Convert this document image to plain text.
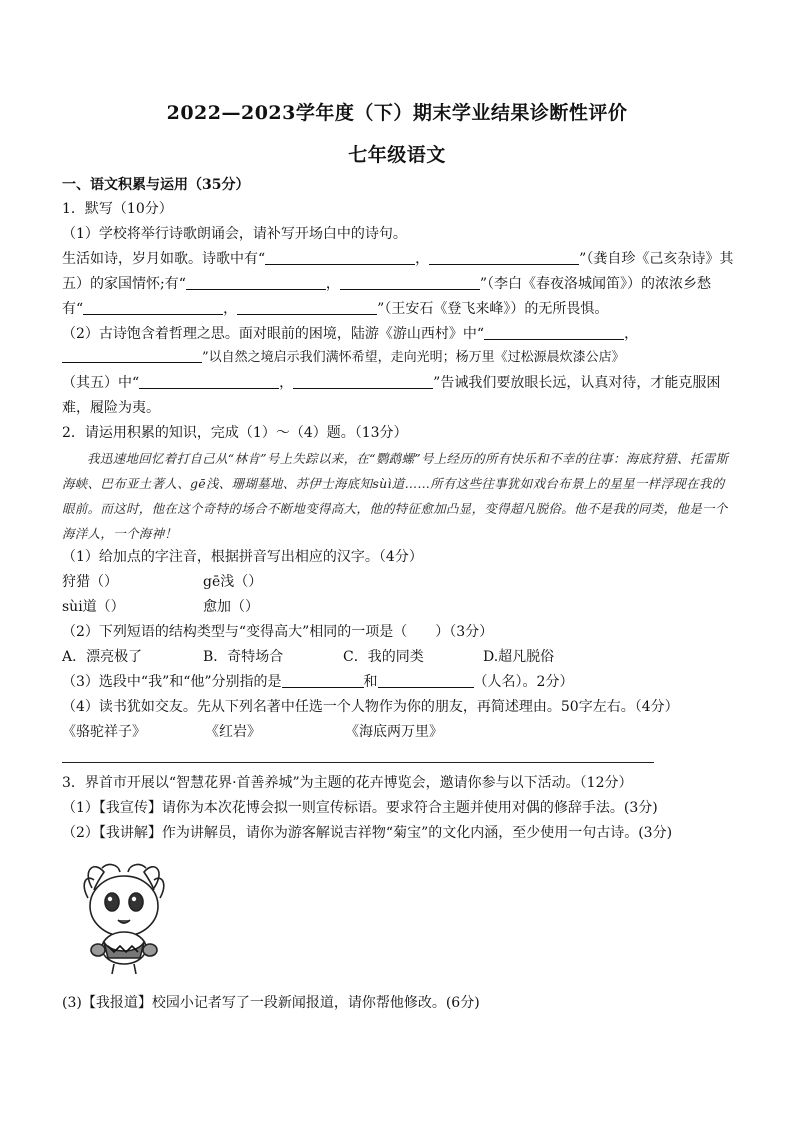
2022—2023学年度（下）期末学业结果诊断性评价
七年级语文
一、语文积累与运用（35分）
1．默写（10分）
（1）学校将举行诗歌朗诵会，请补写开场白中的诗句。
生活如诗，岁月如歌。诗歌中有“	，	”（龚自珍《己亥杂诗》其
五）的家国情怀;有“	，	”（李白《春夜洛城闻笛》）的浓浓乡愁
有“	，	”（王安石《登飞来峰》）的无所畏惧。
（2）古诗饱含着哲理之思。面对眼前的困境，陆游《游山西村》中“	，
”以自然之境启示我们满怀希望，走向光明；杨万里《过松源晨炊漆公店》
（其五）中“	，	”告诫我们要放眼长远，认真对待，才能克服困
难，履险为夷。
2．请运用积累的知识，完成（1）～（4）题。（13分）
我迅速地回忆着打自己从“林肯”号上失踪以来，在“鹦鹉螺”号上经历的所有快乐和不幸的往事：海底狩猎、托雷斯海峡、巴布亚土著人、gē浅、珊瑚墓地、苏伊士海底知sùì道……所有这些往事犹如戏台布景上的星星一样浮现在我的眼前。而这时，他在这个奇特的场合不断地变得高大，他的特征愈加凸显，变得超凡脱俗。他不是我的同类，他是一个海洋人，一个海神！
（1）给加点的字注音，根据拼音写出相应的汉字。（4分）
狩猎（）	gē浅（）
sùi道（）	愈加（）
（2）下列短语的结构类型与“变得高大”相同的一项是（　　）（3分）
A．漂亮极了	B．奇特场合	C．我的同类	D.超凡脱俗
（3）选段中“我”和“他”分别指的是	和	（人名）。2分）
（4）读书犹如交友。先从下列名著中任选一个人物作为你的朋友，再简述理由。50字左右。（4分）
《骆驼祥子》	《红岩》	《海底两万里》
3．界首市开展以“智慧花界·首善养城”为主题的花卉博览会，邀请你参与以下活动。（12分）
（1）【我宣传】请你为本次花博会拟一则宣传标语。要求符合主题并使用对偶的修辞手法。(3分)
（2）【我讲解】作为讲解员，请你为游客解说吉祥物“菊宝”的文化内涵，至少使用一句古诗。(3分)
(3)【我报道】校园小记者写了一段新闻报道，请你帮他修改。(6分)
